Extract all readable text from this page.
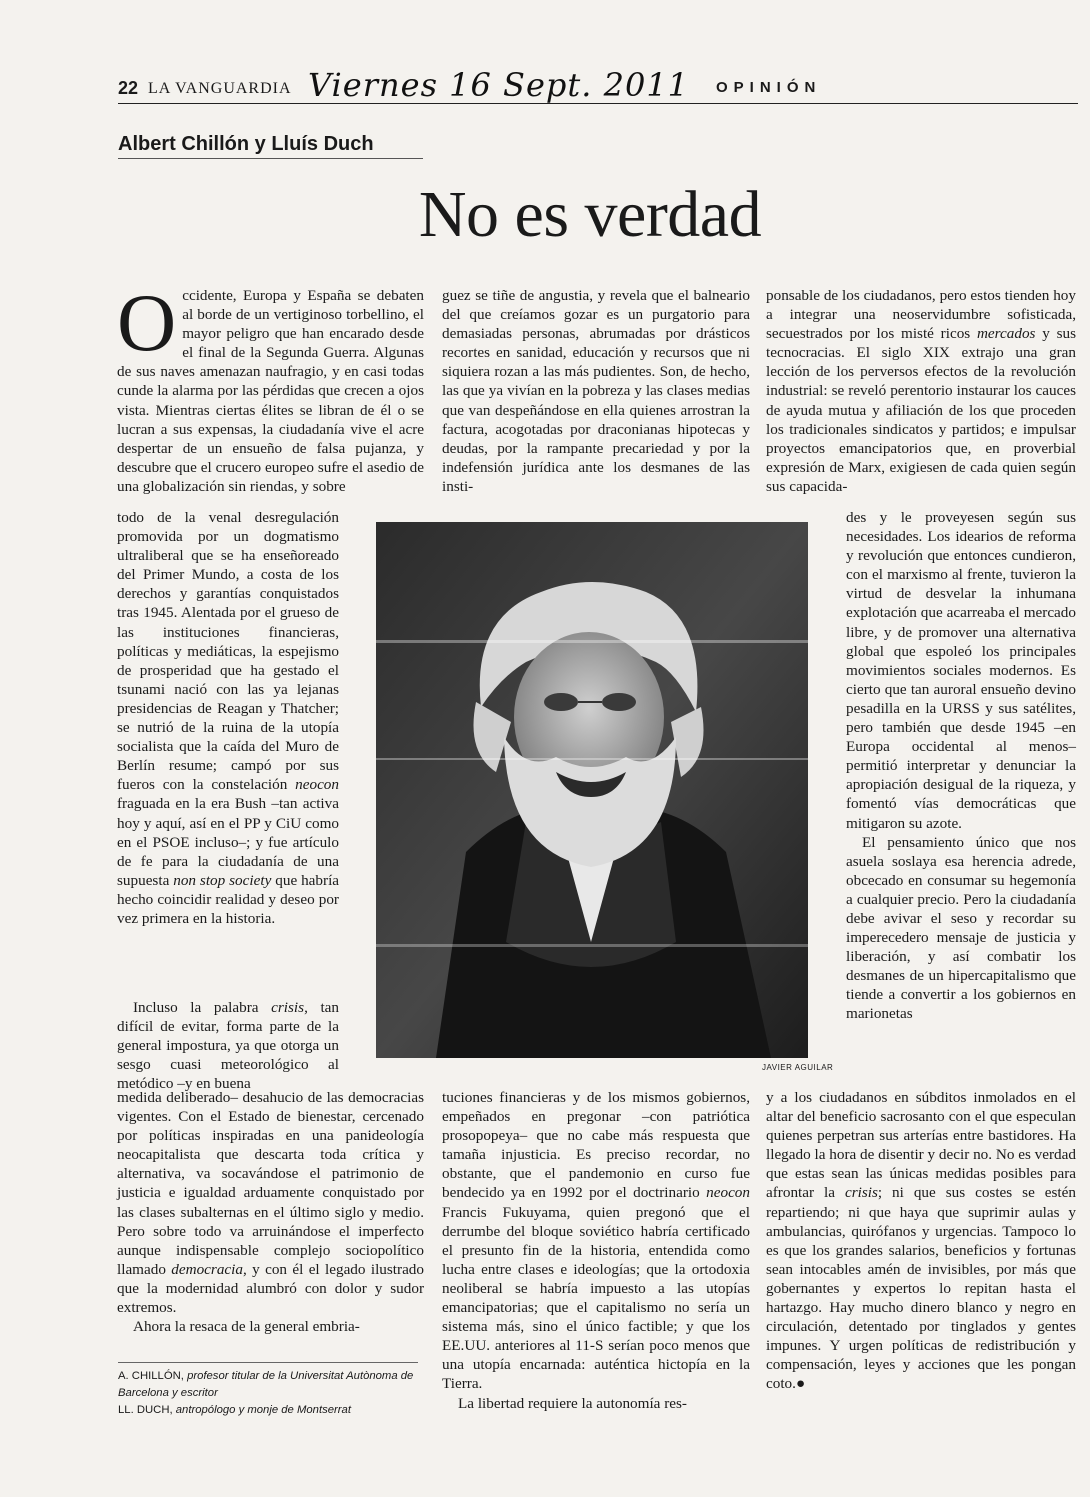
22 LA VANGUARDIA Viernes 16 Sept. 2011 OPINIÓN
Albert Chillón y Lluís Duch
No es verdad

Occidente, Europa y España se debaten al borde de un vertiginoso torbellino, el mayor peligro que han encarado desde el final de la Segunda Guerra. Algunas de sus naves amenazan naufragio, y en casi todas cunde la alarma por las pérdidas que crecen a ojos vista. Mientras ciertas élites se libran de él o se lucran a sus expensas, la ciudadanía vive el acre despertar de un ensueño de falsa pujanza, y descubre que el crucero europeo sufre el asedio de una globalización sin riendas, y sobre

todo de la venal desregulación promovida por un dogmatismo ultraliberal que se ha enseñoreado del Primer Mundo, a costa de los derechos y garantías conquistados tras 1945. Alentada por el grueso de las instituciones financieras, políticas y mediáticas, la espejismo de prosperidad que ha gestado el tsunami nació con las ya lejanas presidencias de Reagan y Thatcher; se nutrió de la ruina de la utopía socialista que la caída del Muro de Berlín resume; campó por sus fueros con la constelación neocon fraguada en la era Bush –tan activa hoy y aquí, así en el PP y CiU como en el PSOE incluso–; y fue artículo de fe para la ciudadanía de una supuesta non stop society que habría hecho coincidir realidad y deseo por vez primera en la historia.

Incluso la palabra crisis, tan difícil de evitar, forma parte de la general impostura, ya que otorga un sesgo cuasi meteorológico al metódico –y en buena

medida deliberado– desahucio de las democracias vigentes. Con el Estado de bienestar, cercenado por políticas inspiradas en una panideología neocapitalista que descarta toda crítica y alternativa, va socavándose el patrimonio de justicia e igualdad arduamente conquistado por las clases subalternas en el último siglo y medio. Pero sobre todo va arruinándose el imperfecto aunque indispensable complejo sociopolítico llamado democracia, y con él el legado ilustrado que la modernidad alumbró con dolor y sudor extremos.

Ahora la resaca de la general embria-

guez se tiñe de angustia, y revela que el balneario del que creíamos gozar es un purgatorio para demasiadas personas, abrumadas por drásticos recortes en sanidad, educación y recursos que ni siquiera rozan a las más pudientes. Son, de hecho, las que ya vivían en la pobreza y las clases medias que van despeñándose en ella quienes arrostran la factura, acogotadas por draconianas hipotecas y deudas, por la rampante precariedad y por la indefensión jurídica ante los desmanes de las insti-

tuciones financieras y de los mismos gobiernos, empeñados en pregonar –con patriótica prosopopeya– que no cabe más respuesta que tamaña injusticia. Es preciso recordar, no obstante, que el pandemonio en curso fue bendecido ya en 1992 por el doctrinario neocon Francis Fukuyama, quien pregonó que el derrumbe del bloque soviético habría certificado el presunto fin de la historia, entendida como lucha entre clases e ideologías; que la ortodoxia neoliberal se habría impuesto a las utopías emancipatorias; que el capitalismo no sería un sistema más, sino el único factible; y que los EE.UU. anteriores al 11-S serían poco menos que una utopía encarnada: auténtica hictopía en la Tierra.

La libertad requiere la autonomía res-

ponsable de los ciudadanos, pero estos tienden hoy a integrar una neoservidumbre sofisticada, secuestrados por los misté ricos mercados y sus tecnocracias. El siglo XIX extrajo una gran lección de los perversos efectos de la revolución industrial: se reveló perentorio instaurar los cauces de ayuda mutua y afiliación de los que proceden los tradicionales sindicatos y partidos; e impulsar proyectos emancipatorios que, en proverbial expresión de Marx, exigiesen de cada quien según sus capacida-

des y le proveyesen según sus necesidades. Los idearios de reforma y revolución que entonces cundieron, con el marxismo al frente, tuvieron la virtud de desvelar la inhumana explotación que acarreaba el mercado libre, y de promover una alternativa global que espoleó los principales movimientos sociales modernos. Es cierto que tan auroral ensueño devino pesadilla en la URSS y sus satélites, pero también que desde 1945 –en Europa occidental al menos– permitió interpretar y denunciar la apropiación desigual de la riqueza, y fomentó vías democráticas que mitigaron su azote.

El pensamiento único que nos asuela soslaya esa herencia adrede, obcecado en consumar su hegemonía a cualquier precio. Pero la ciudadanía debe avivar el seso y recordar su imperecedero mensaje de justicia y liberación, y así combatir los desmanes de un hipercapitalismo que tiende a convertir a los gobiernos en marionetas

y a los ciudadanos en súbditos inmolados en el altar del beneficio sacrosanto con el que especulan quienes perpetran sus arterías entre bastidores. Ha llegado la hora de disentir y decir no. No es verdad que estas sean las únicas medidas posibles para afrontar la crisis; ni que sus costes se estén repartiendo; ni que haya que suprimir aulas y ambulancias, quirófanos y urgencias. Tampoco lo es que los grandes salarios, beneficios y fortunas sean intocables amén de invisibles, por más que gobernantes y expertos lo repitan hasta el hartazgo. Hay mucho dinero blanco y negro en circulación, detentado por tinglados y gentes impunes. Y urgen políticas de redistribución y compensación, leyes y acciones que les pongan coto.●

JAVIER AGUILAR
A. CHILLÓN, profesor titular de la Universitat Autònoma de Barcelona y escritor
LL. DUCH, antropólogo y monje de Montserrat
